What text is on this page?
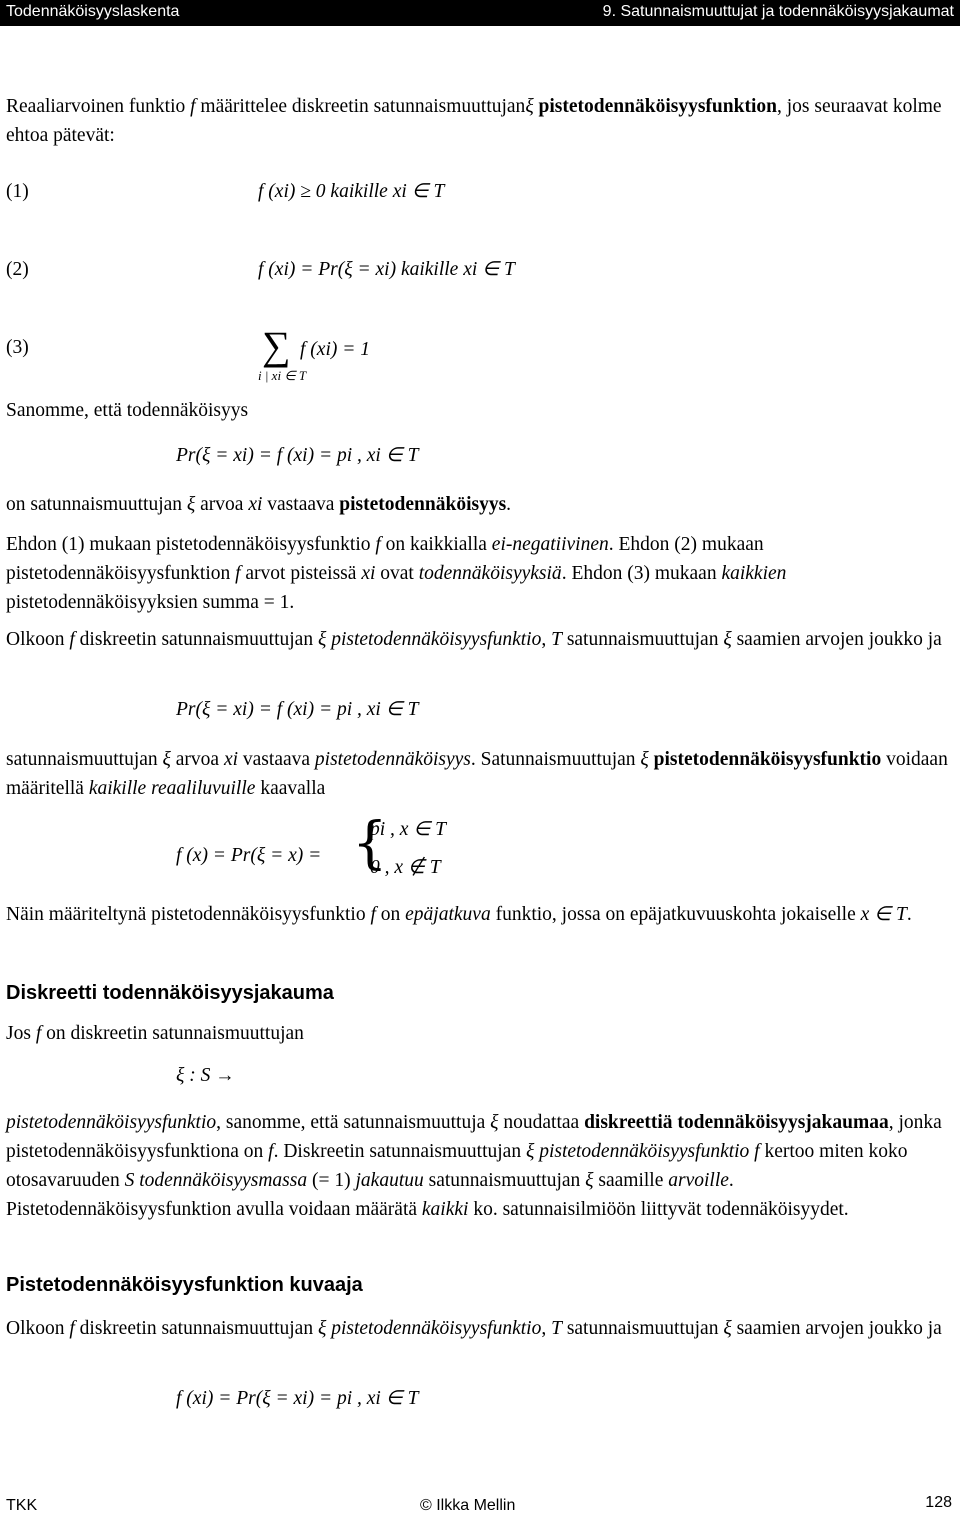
Todennäköisyyslaskenta	9. Satunnaismuuttujat ja todennäköisyysjakaumat
Reaaliarvoinen funktio f määrittelee diskreetin satunnaismuuttujanξ pistetodennäköisyysfunktion, jos seuraavat kolme ehtoa pätevät:
(1)	f (xi) ≥ 0 kaikille xi ∈ T
(2)	f (xi) = Pr(ξ = xi) kaikille xi ∈ T
(3)	∑
i | xi ∈ T
f (xi) = 1
Sanomme, että todennäköisyys
Pr(ξ = xi) = f (xi) = pi , xi ∈ T
on satunnaismuuttujan ξ arvoa xi vastaava pistetodennäköisyys.
Ehdon (1) mukaan pistetodennäköisyysfunktio f on kaikkialla ei-negatiivinen. Ehdon (2) mukaan pistetodennäköisyysfunktion f arvot pisteissä xi ovat todennäköisyyksiä. Ehdon (3) mukaan kaikkien pistetodennäköisyyksien summa = 1.
Olkoon f diskreetin satunnaismuuttujan ξ pistetodennäköisyysfunktio, T satunnaismuuttujan ξ saamien arvojen joukko ja
Pr(ξ = xi) = f (xi) = pi , xi ∈ T
satunnaismuuttujan ξ arvoa xi vastaava pistetodennäköisyys. Satunnaismuuttujan ξ pistetodennäköisyysfunktio voidaan määritellä kaikille reaaliluvuille kaavalla
f (x) = Pr(ξ = x) = {
pi , x ∈ T
0 , x ∉ T
Näin määriteltynä pistetodennäköisyysfunktio f on epäjatkuva funktio, jossa on epäjatkuvuuskohta jokaiselle x ∈ T.
Diskreetti todennäköisyysjakauma
Jos f on diskreetin satunnaismuuttujan
ξ : S →
pistetodennäköisyysfunktio, sanomme, että satunnaismuuttuja ξ noudattaa diskreettiä todennäköisyysjakaumaa, jonka pistetodennäköisyysfunktiona on f. Diskreetin satunnaismuuttujan ξ pistetodennäköisyysfunktio f kertoo miten koko otosavaruuden S todennäköisyysmassa (= 1) jakautuu satunnaismuuttujan ξ saamille arvoille. Pistetodennäköisyysfunktion avulla voidaan määrätä kaikki ko. satunnaisilmiöön liittyvät todennäköisyydet.
Pistetodennäköisyysfunktion kuvaaja
Olkoon f diskreetin satunnaismuuttujan ξ pistetodennäköisyysfunktio, T satunnaismuuttujan ξ saamien arvojen joukko ja
f (xi) = Pr(ξ = xi) = pi , xi ∈ T
TKK	© Ilkka Mellin	128
